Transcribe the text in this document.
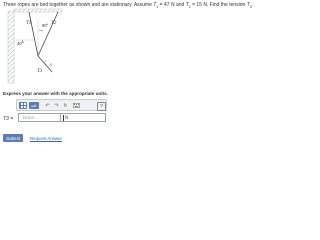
Three ropes are tied together as shown and are stationary. Assume $T_1 = 47$ N and $T_2 = 15$ N. Find the tension $T_3$.
T1	T2
T3
90°
40°
θ
Express your answer with the appropriate units.
μA	↶ ↷ ↻	?
T3 =	Value	N
Submit	Request Answer
